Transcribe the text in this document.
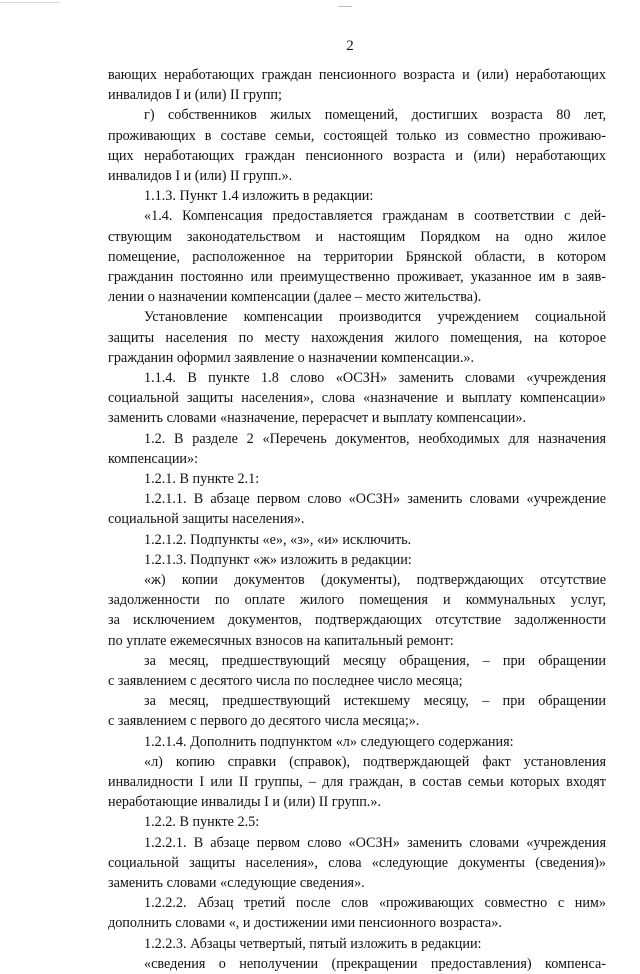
2
вающих неработающих граждан пенсионного возраста и (или) неработающих
инвалидов I и (или) II групп;
г) собственников жилых помещений, достигших возраста 80 лет,
проживающих в составе семьи, состоящей только из совместно проживаю-
щих неработающих граждан пенсионного возраста и (или) неработающих
инвалидов I и (или) II групп.».
1.1.3. Пункт 1.4 изложить в редакции:
«1.4. Компенсация предоставляется гражданам в соответствии с дей-
ствующим законодательством и настоящим Порядком на одно жилое
помещение, расположенное на территории Брянской области, в котором
гражданин постоянно или преимущественно проживает, указанное им в заяв-
лении о назначении компенсации (далее – место жительства).
Установление компенсации производится учреждением социальной
защиты населения по месту нахождения жилого помещения, на которое
гражданин оформил заявление о назначении компенсации.».
1.1.4. В пункте 1.8 слово «ОСЗН» заменить словами «учреждения
социальной защиты населения», слова «назначение и выплату компенсации»
заменить словами «назначение, перерасчет и выплату компенсации».
1.2. В разделе 2 «Перечень документов, необходимых для назначения
компенсации»:
1.2.1. В пункте 2.1:
1.2.1.1. В абзаце первом слово «ОСЗН» заменить словами «учреждение
социальной защиты населения».
1.2.1.2. Подпункты «е», «з», «и» исключить.
1.2.1.3. Подпункт «ж» изложить в редакции:
«ж) копии документов (документы), подтверждающих отсутствие
задолженности по оплате жилого помещения и коммунальных услуг,
за исключением документов, подтверждающих отсутствие задолженности
по уплате ежемесячных взносов на капитальный ремонт:
за месяц, предшествующий месяцу обращения, – при обращении
с заявлением с десятого числа по последнее число месяца;
за месяц, предшествующий истекшему месяцу, – при обращении
с заявлением с первого до десятого числа месяца;».
1.2.1.4. Дополнить подпунктом «л» следующего содержания:
«л) копию справки (справок), подтверждающей факт установления
инвалидности I или II группы, – для граждан, в состав семьи которых входят
неработающие инвалиды I и (или) II групп.».
1.2.2. В пункте 2.5:
1.2.2.1. В абзаце первом слово «ОСЗН» заменить словами «учреждения
социальной защиты населения», слова «следующие документы (сведения)»
заменить словами «следующие сведения».
1.2.2.2. Абзац третий после слов «проживающих совместно с ним»
дополнить словами «, и достижении ими пенсионного возраста».
1.2.2.3. Абзацы четвертый, пятый изложить в редакции:
«сведения о неполучении (прекращении предоставления) компенса-
